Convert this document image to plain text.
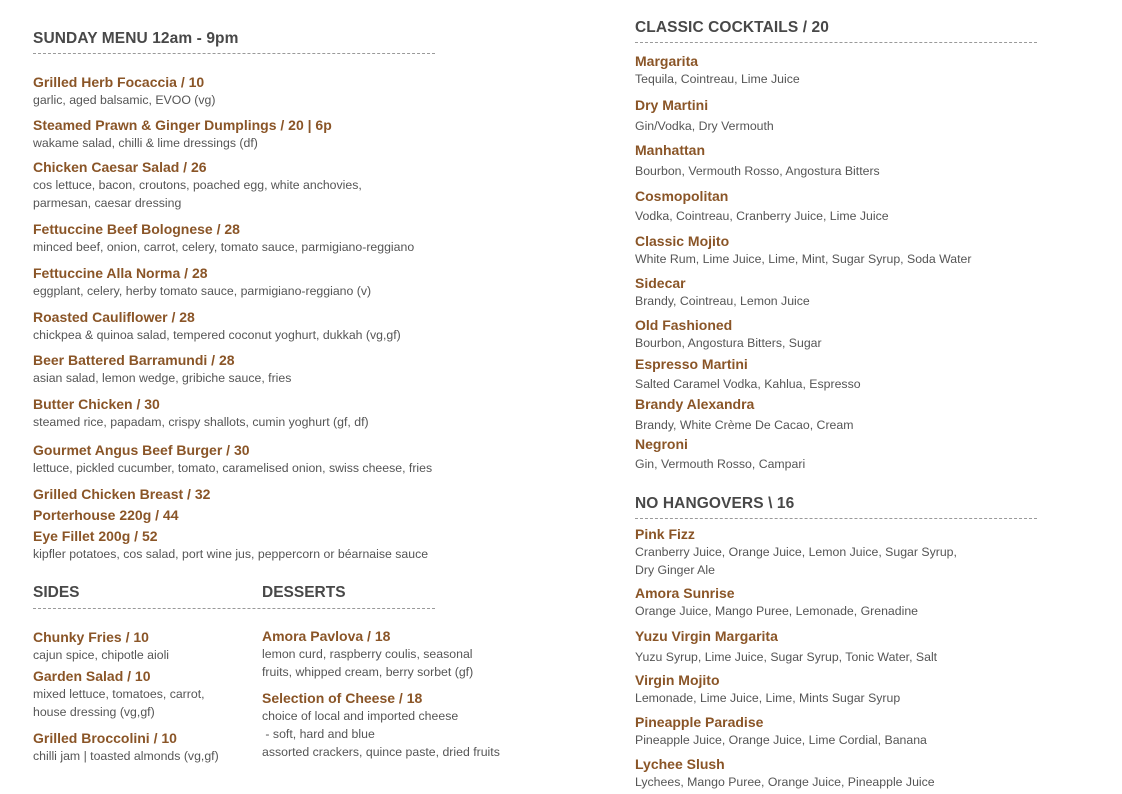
SUNDAY MENU 12am - 9pm
Grilled Herb Focaccia / 10
garlic, aged balsamic, EVOO (vg)
Steamed Prawn & Ginger Dumplings / 20 | 6p
wakame salad, chilli & lime dressings (df)
Chicken Caesar Salad / 26
cos lettuce, bacon, croutons, poached egg, white anchovies,
parmesan, caesar dressing
Fettuccine Beef Bolognese / 28
minced beef, onion, carrot, celery, tomato sauce, parmigiano-reggiano
Fettuccine Alla Norma / 28
eggplant, celery, herby tomato sauce, parmigiano-reggiano (v)
Roasted Cauliflower / 28
chickpea & quinoa salad, tempered coconut yoghurt, dukkah (vg,gf)
Beer Battered Barramundi / 28
asian salad, lemon wedge, gribiche sauce, fries
Butter Chicken / 30
steamed rice, papadam, crispy shallots, cumin yoghurt (gf, df)
Gourmet Angus Beef Burger / 30
lettuce, pickled cucumber, tomato, caramelised onion, swiss cheese, fries
Grilled Chicken Breast / 32
Porterhouse 220g / 44
Eye Fillet 200g / 52
kipfler potatoes, cos salad, port wine jus, peppercorn or béarnaise sauce
SIDES	DESSERTS
Chunky Fries / 10
cajun spice, chipotle aioli
Garden Salad / 10
mixed lettuce, tomatoes, carrot,
house dressing (vg,gf)
Grilled Broccolini / 10
chilli jam | toasted almonds (vg,gf)
Amora Pavlova / 18
lemon curd, raspberry coulis, seasonal
fruits, whipped cream, berry sorbet (gf)
Selection of Cheese / 18
choice of local and imported cheese
- soft, hard and blue
assorted crackers, quince paste, dried fruits
CLASSIC COCKTAILS / 20
Margarita
Tequila, Cointreau, Lime Juice
Dry Martini
Gin/Vodka, Dry Vermouth
Manhattan
Bourbon, Vermouth Rosso, Angostura Bitters
Cosmopolitan
Vodka, Cointreau, Cranberry Juice, Lime Juice
Classic Mojito
White Rum, Lime Juice, Lime, Mint, Sugar Syrup, Soda Water
Sidecar
Brandy, Cointreau, Lemon Juice
Old Fashioned
Bourbon, Angostura Bitters, Sugar
Espresso Martini
Salted Caramel Vodka, Kahlua, Espresso
Brandy Alexandra
Brandy, White Crème De Cacao, Cream
Negroni
Gin, Vermouth Rosso, Campari
NO HANGOVERS \ 16
Pink Fizz
Cranberry Juice, Orange Juice, Lemon Juice, Sugar Syrup,
Dry Ginger Ale
Amora Sunrise
Orange Juice, Mango Puree, Lemonade, Grenadine
Yuzu Virgin Margarita
Yuzu Syrup, Lime Juice, Sugar Syrup, Tonic Water, Salt
Virgin Mojito
Lemonade, Lime Juice, Lime, Mints Sugar Syrup
Pineapple Paradise
Pineapple Juice, Orange Juice, Lime Cordial, Banana
Lychee Slush
Lychees, Mango Puree, Orange Juice, Pineapple Juice
